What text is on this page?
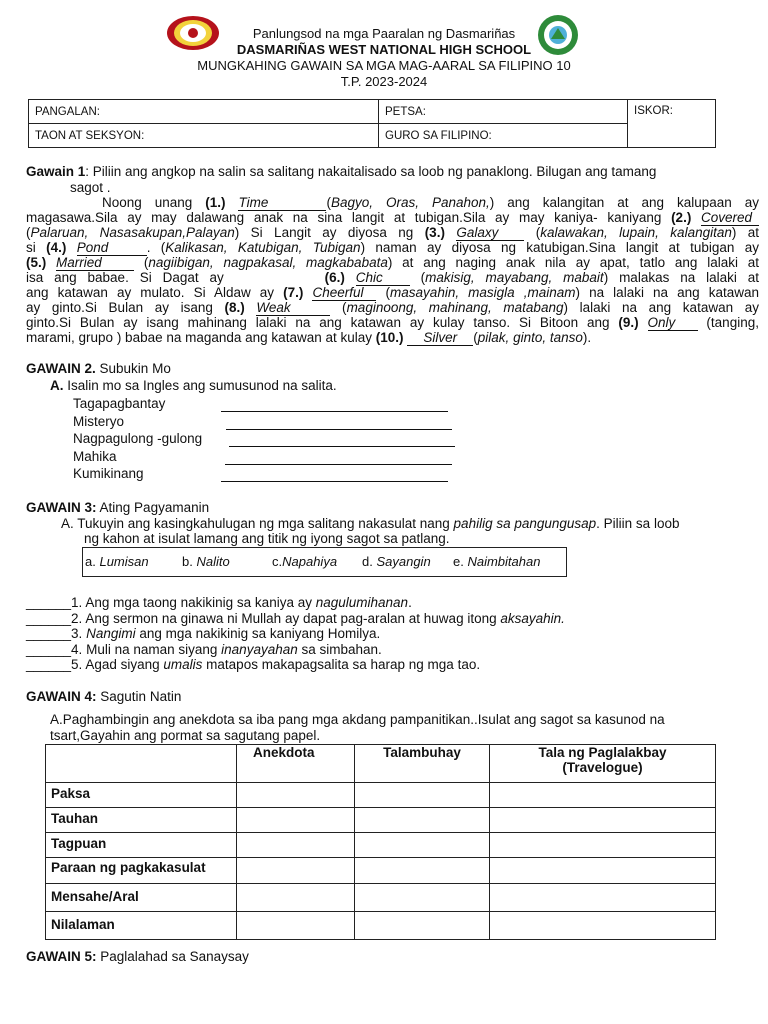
Panlungsod na mga Paaralan ng Dasmariñas
DASMARIÑAS WEST NATIONAL HIGH SCHOOL
MUNGKAHING GAWAIN SA MGA MAG-AARAL SA FILIPINO 10
T.P. 2023-2024
PANGALAN:	PETSA:	ISKOR:
TAON AT SEKSYON:	GURO SA FILIPINO:	
Gawain 1: Piliin ang angkop na salin sa salitang nakaitalisado sa loob ng panaklong. Bilugan ang tamang
sagot .

Noong unang (1.) Time	(Bagyo, Oras, Panahon,) ang kalangitan at ang kalupaan ay

magasawa.Sila ay may dalawang anak na sina langit at tubigan.Sila ay may kaniya- kaniyang (2.) Covered

(Palaruan, Nasasakupan,Palayan) Si Langit ay diyosa ng (3.) Galaxy (kalawakan, lupain, kalangitan) at

si (4.) Pond	. (Kalikasan, Katubigan, Tubigan) naman ay diyosa ng katubigan.Sina langit at tubigan ay

(5.) Married (nagiibigan, nagpakasal, magkababata) at ang naging anak nila ay apat, tatlo ang lalaki at

isa ang babae. Si Dagat ay	(6.) Chic (makisig, mayabang, mabait) malakas na lalaki at

ang katawan ay mulato. Si Aldaw ay (7.) Cheerful (masayahin, masigla ,mainam) na lalaki na ang katawan

ay ginto.Si Bulan ay isang (8.) Weak	(maginoong, mahinang, matabang) lalaki na ang katawan ay

ginto.Si Bulan ay isang mahinang lalaki na ang katawan ay kulay tanso. Si Bitoon ang (9.) Only (tanging,

marami, grupo ) babae na maganda ang katawan at kulay (10.) Silver (pilak, ginto, tanso).
GAWAIN 2. Subukin Mo
A. Isalin mo sa Ingles ang sumusunod na salita.
Tagapagbantay
Misteryo
Nagpagulong -gulong
Mahika
Kumikinang
GAWAIN 3: Ating Pagyamanin
A. Tukuyin ang kasingkahulugan ng mga salitang nakasulat nang pahilig sa pangungusap. Piliin sa loob
ng kahon at isulat lamang ang titik ng iyong sagot sa patlang.
a. Lumisan	b. Nalito	c.Napahiya d. Sayangin e. Naimbitahan
______1. Ang mga taong nakikinig sa kaniya ay nagulumihanan.
______2. Ang sermon na ginawa ni Mullah ay dapat pag-aralan at huwag itong aksayahin.
______3. Nangimi ang mga nakikinig sa kaniyang Homilya.
______4. Muli na naman siyang inanyayahan sa simbahan.
______5. Agad siyang umalis matapos makapagsalita sa harap ng mga tao.
GAWAIN 4: Sagutin Natin
A.Paghambingin ang anekdota sa iba pang mga akdang pampanitikan..Isulat ang sagot sa kasunod na
tsart,Gayahin ang pormat sa sagutang papel.
	Anekdota	Talambuhay	Tala ng Paglalakbay
(Travelogue)
Paksa			
Tauhan			
Tagpuan			
Paraan ng pagkakasulat			
Mensahe/Aral			
Nilalaman			
GAWAIN 5: Paglalahad sa Sanaysay
